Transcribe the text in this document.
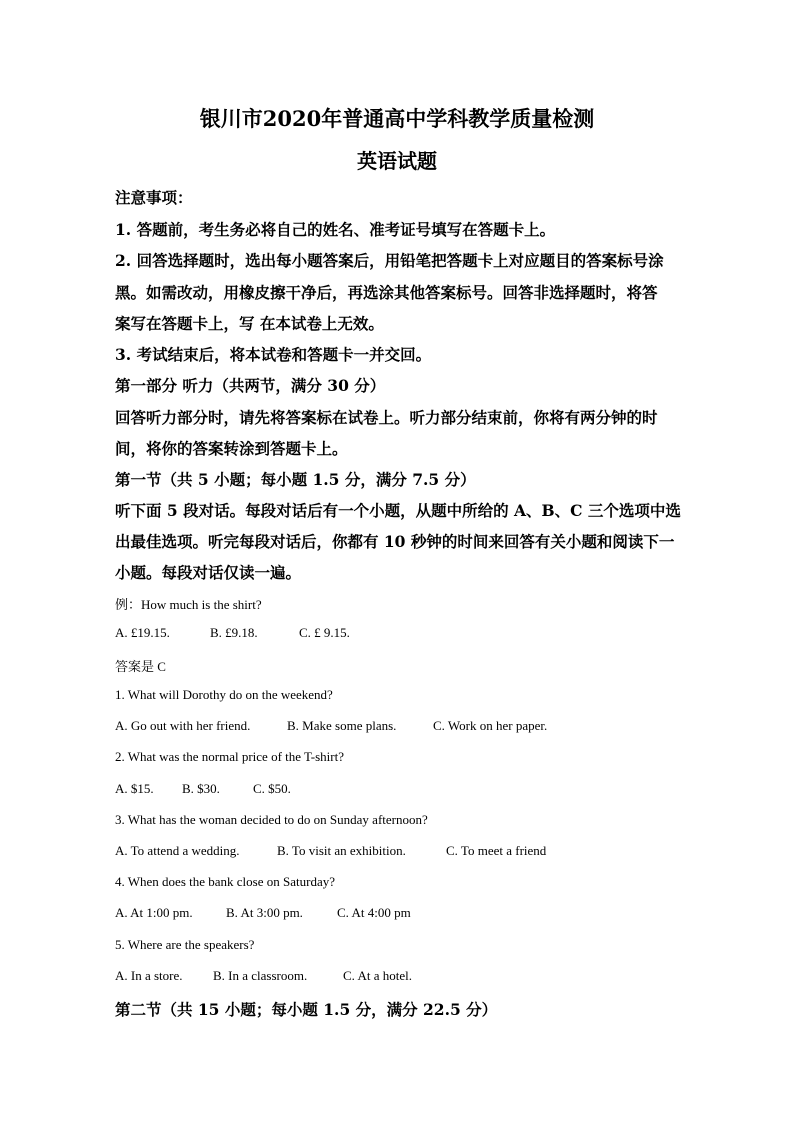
银川市2020年普通高中学科教学质量检测
英语试题
注意事项：
1. 答题前，考生务必将自己的姓名、准考证号填写在答题卡上。
2. 回答选择题时，选出每小题答案后，用铅笔把答题卡上对应题目的答案标号涂
黑。如需改动，用橡皮擦干净后，再选涂其他答案标号。回答非选择题时，将答
案写在答题卡上，写 在本试卷上无效。
3. 考试结束后，将本试卷和答题卡一并交回。
第一部分 听力（共两节，满分 30 分）
回答听力部分时，请先将答案标在试卷上。听力部分结束前，你将有两分钟的时
间，将你的答案转涂到答题卡上。
第一节（共 5 小题；每小题 1.5 分，满分 7.5 分）
听下面 5 段对话。每段对话后有一个小题，从题中所给的 A、B、C 三个选项中选
出最佳选项。听完每段对话后，你都有 10 秒钟的时间来回答有关小题和阅读下一
小题。每段对话仅读一遍。
例：How much is the shirt?
A. £19.15.	B. £9.18.	C. £ 9.15.
答案是 C
1. What will Dorothy do on the weekend?
A. Go out with her friend.	B. Make some plans.	C. Work on her paper.
2. What was the normal price of the T-shirt?
A. $15. B. $30.	C. $50.
3. What has the woman decided to do on Sunday afternoon?
A. To attend a wedding.	B. To visit an exhibition.	C. To meet a friend
4. When does the bank close on Saturday?
A. At 1:00 pm.	B. At 3:00 pm.	C. At 4:00 pm
5. Where are the speakers?
A. In a store. B. In a classroom.	C. At a hotel.
第二节（共 15 小题；每小题 1.5 分，满分 22.5 分）
